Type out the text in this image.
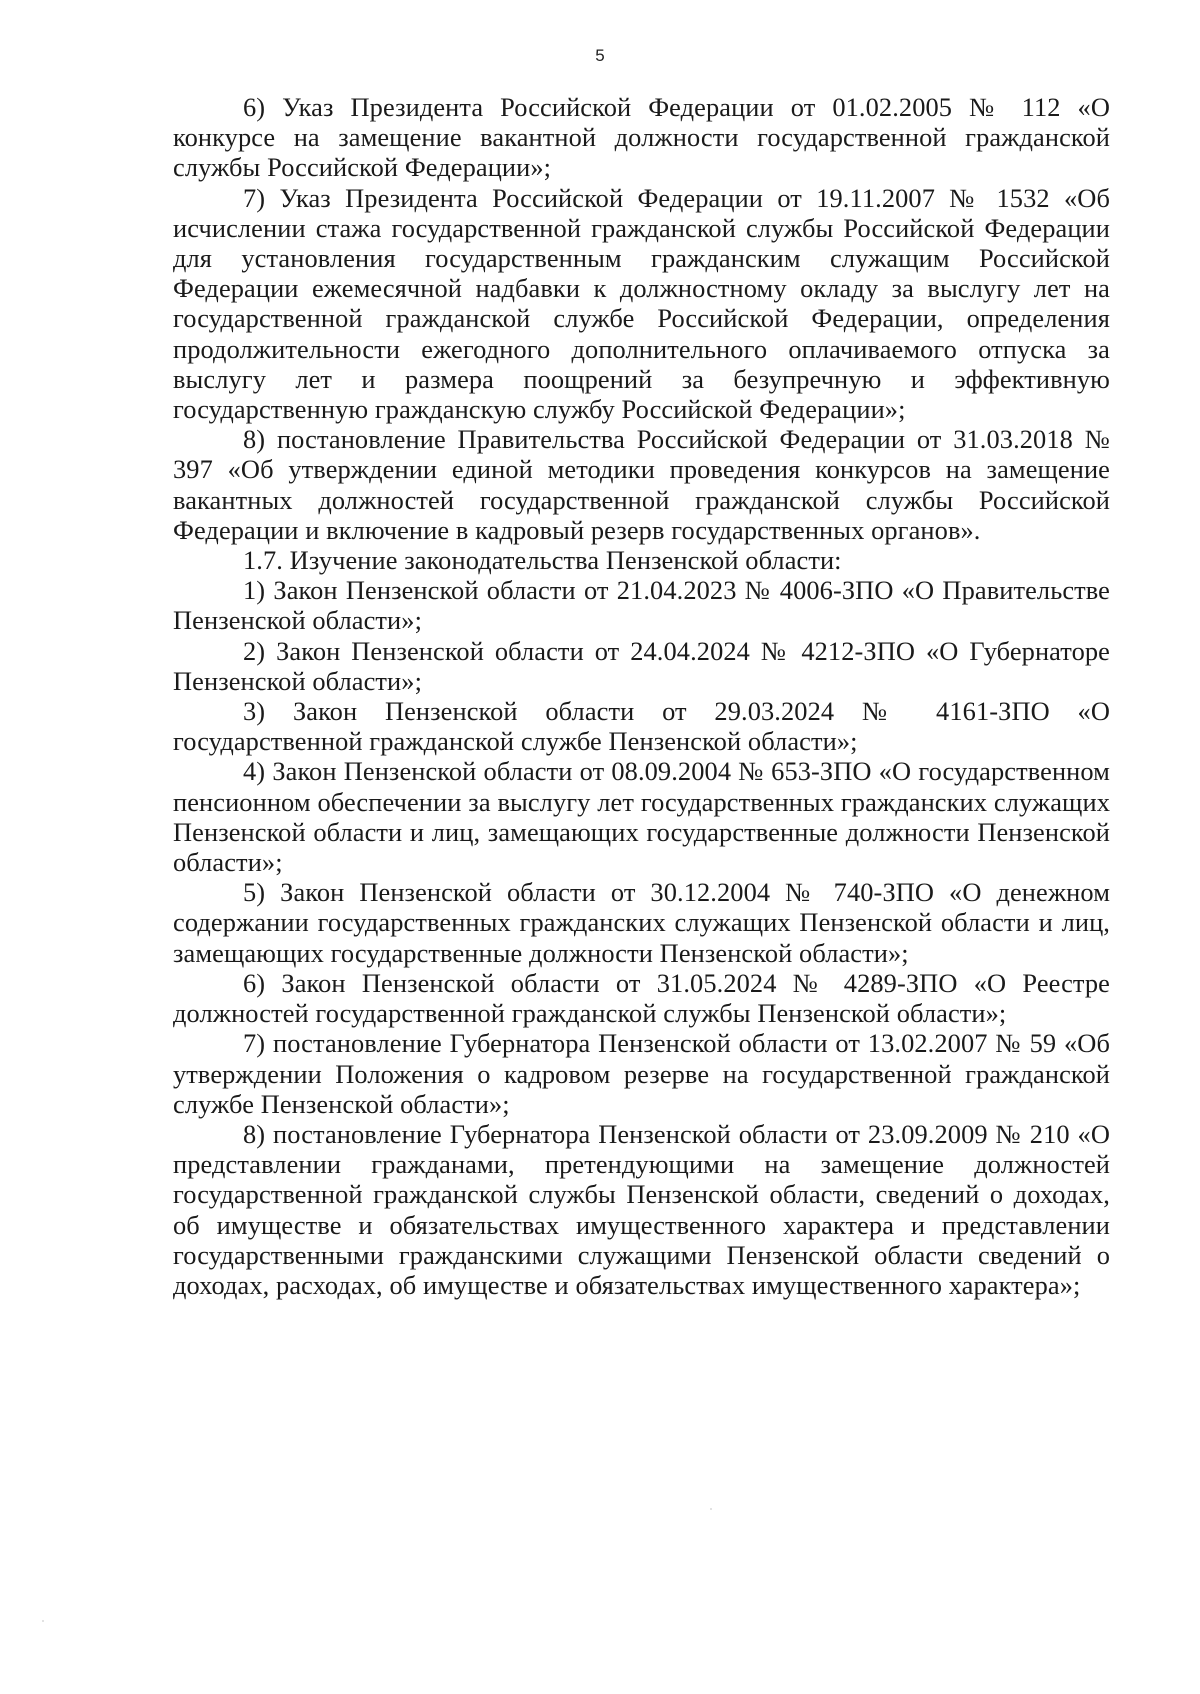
5

6) Указ Президента Российской Федерации от 01.02.2005 № 112 «О конкурсе на замещение вакантной должности государственной гражданской службы Российской Федерации»;

7) Указ Президента Российской Федерации от 19.11.2007 № 1532 «Об исчислении стажа государственной гражданской службы Российской Федерации для установления государственным гражданским служащим Российской Федерации ежемесячной надбавки к должностному окладу за выслугу лет на государственной гражданской службе Российской Федерации, определения продолжительности ежегодного дополнительного оплачиваемого отпуска за выслугу лет и размера поощрений за безупречную и эффективную государственную гражданскую службу Российской Федерации»;

8) постановление Правительства Российской Федерации от 31.03.2018 № 397 «Об утверждении единой методики проведения конкурсов на замещение вакантных должностей государственной гражданской службы Российской Федерации и включение в кадровый резерв государственных органов».

1.7. Изучение законодательства Пензенской области:

1) Закон Пензенской области от 21.04.2023 № 4006-ЗПО «О Правительстве Пензенской области»;

2) Закон Пензенской области от 24.04.2024 № 4212-ЗПО «О Губернаторе Пензенской области»;

3) Закон Пензенской области от 29.03.2024 № 4161-ЗПО «О государственной гражданской службе Пензенской области»;

4) Закон Пензенской области от 08.09.2004 № 653-ЗПО «О государственном пенсионном обеспечении за выслугу лет государственных гражданских служащих Пензенской области и лиц, замещающих государственные должности Пензенской области»;

5) Закон Пензенской области от 30.12.2004 № 740-ЗПО «О денежном содержании государственных гражданских служащих Пензенской области и лиц, замещающих государственные должности Пензенской области»;

6) Закон Пензенской области от 31.05.2024 № 4289-ЗПО «О Реестре должностей государственной гражданской службы Пензенской области»;

7) постановление Губернатора Пензенской области от 13.02.2007 № 59 «Об утверждении Положения о кадровом резерве на государственной гражданской службе Пензенской области»;

8) постановление Губернатора Пензенской области от 23.09.2009 № 210 «О представлении гражданами, претендующими на замещение должностей государственной гражданской службы Пензенской области, сведений о доходах, об имуществе и обязательствах имущественного характера и представлении государственными гражданскими служащими Пензенской области сведений о доходах, расходах, об имуществе и обязательствах имущественного характера»;
